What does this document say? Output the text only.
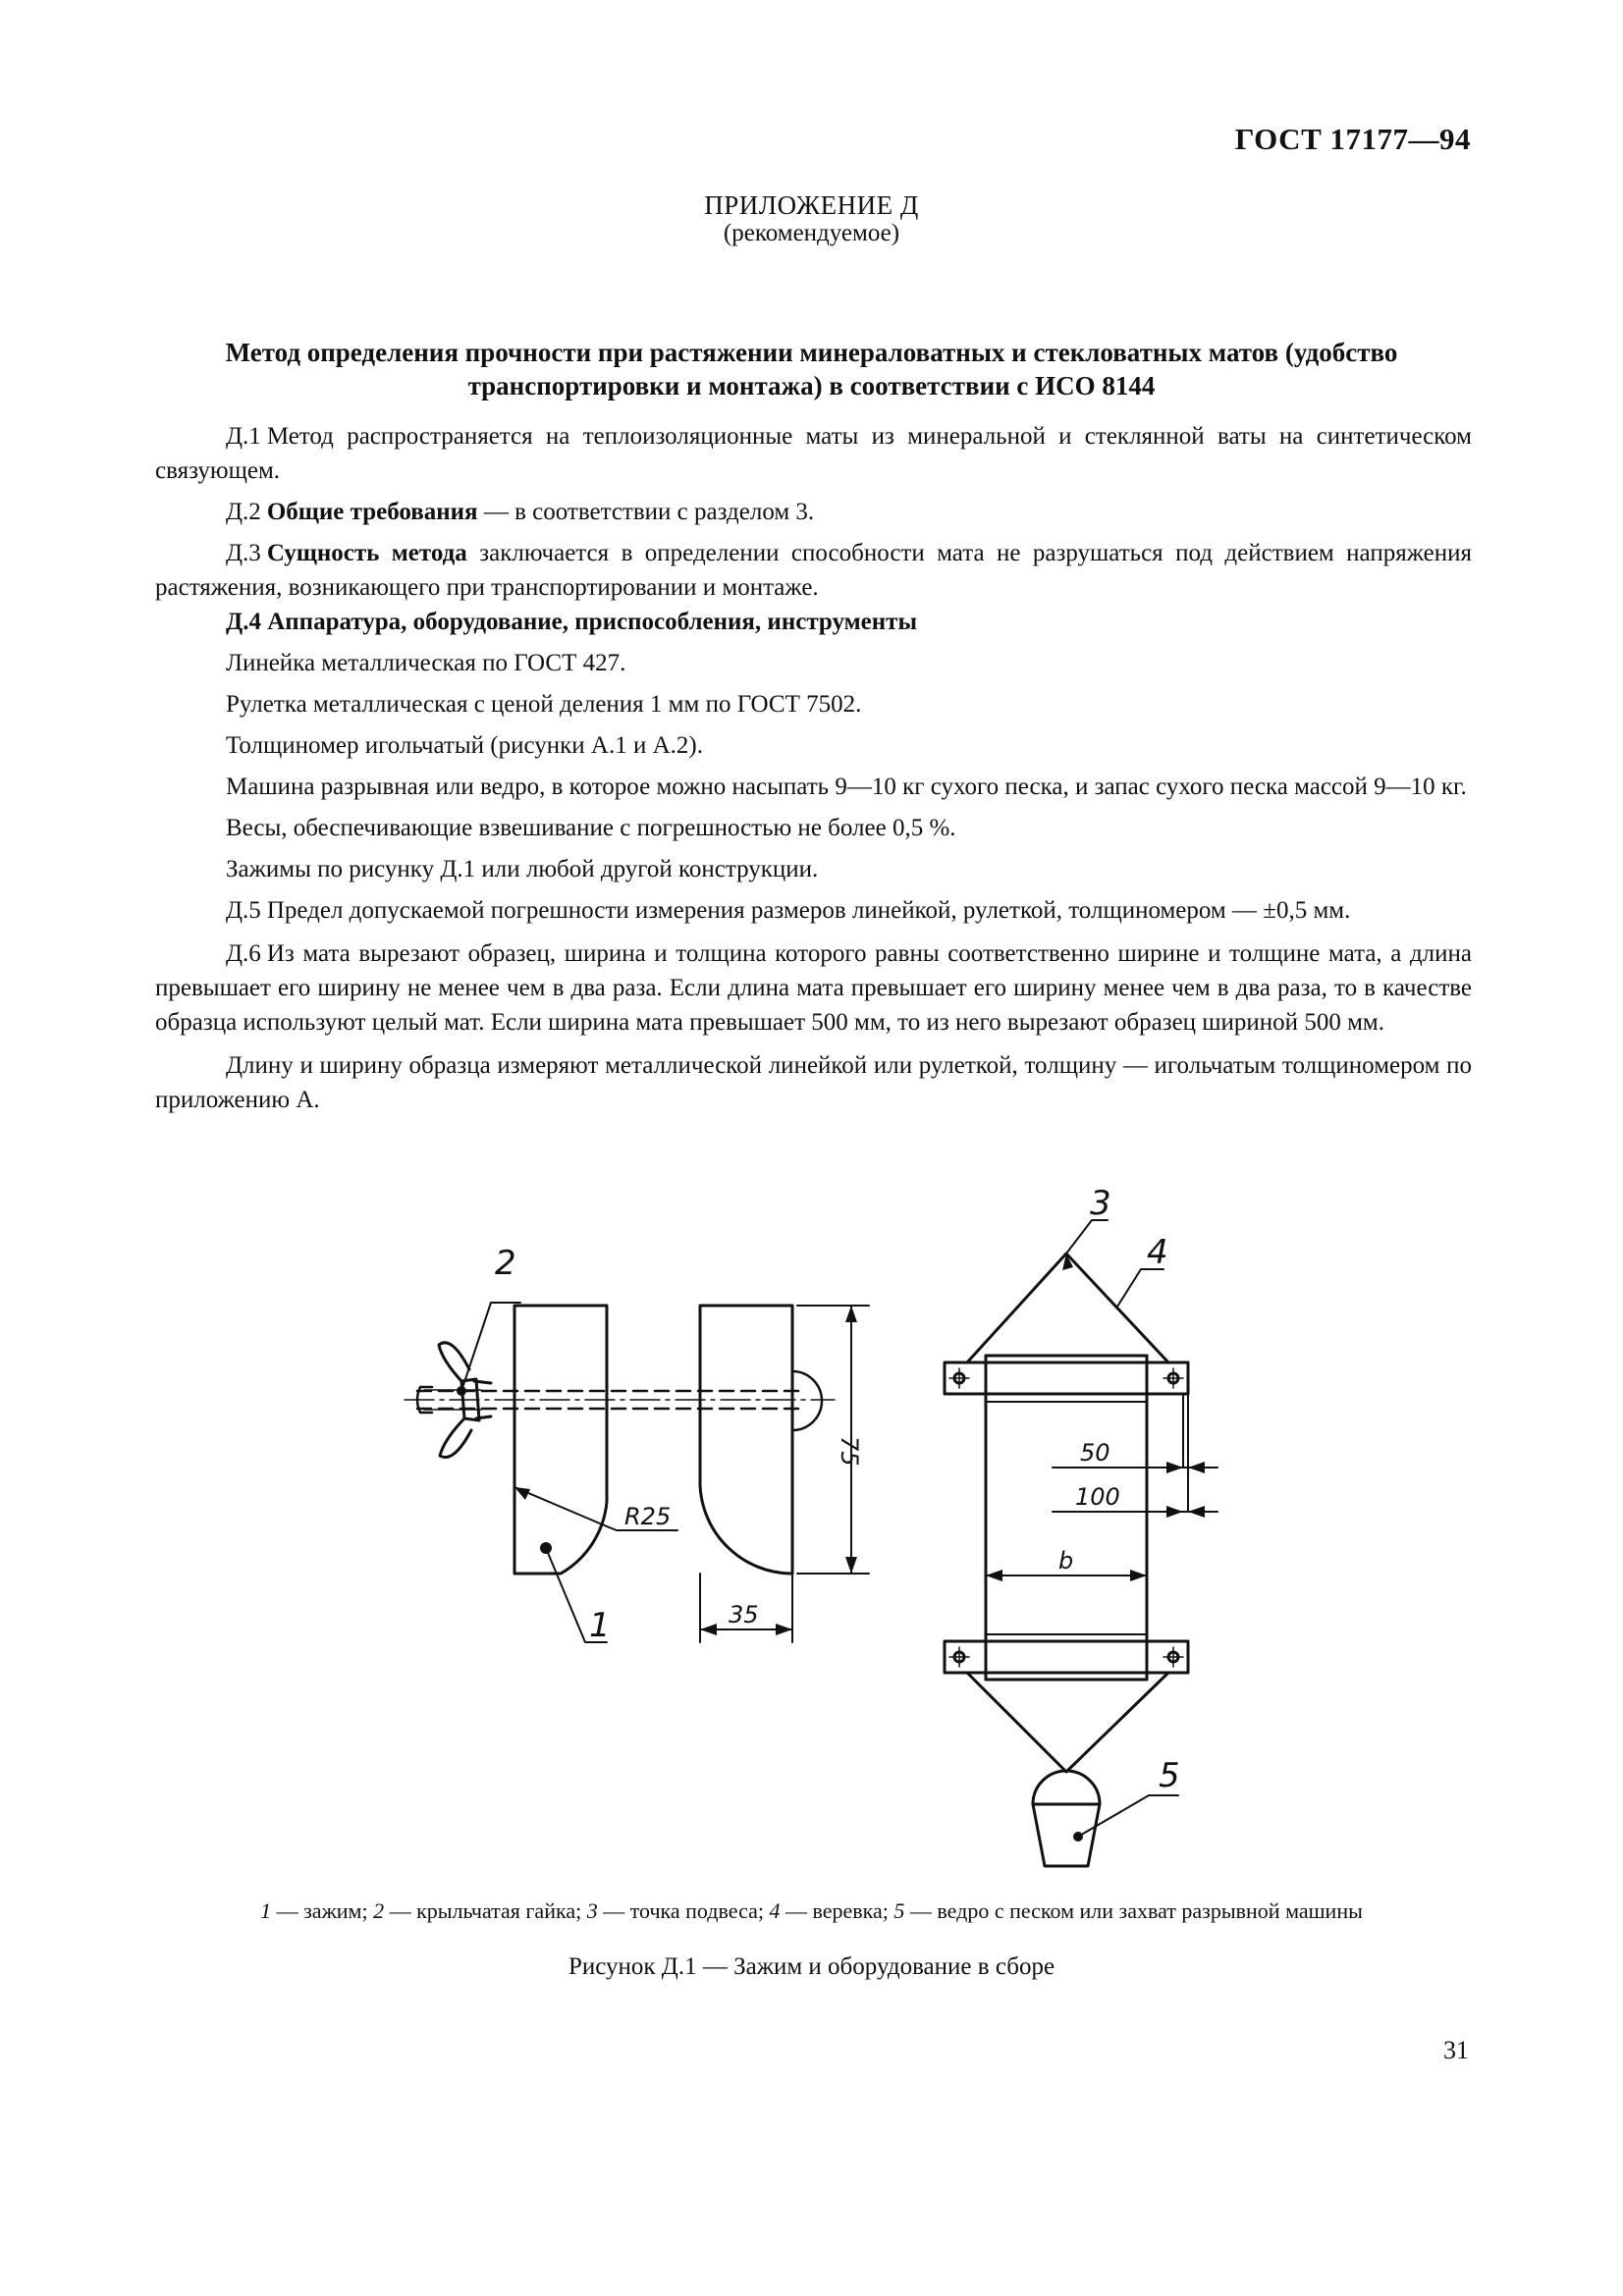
ГОСТ 17177—94
ПРИЛОЖЕНИЕ Д
(рекомендуемое)
Метод определения прочности при растяжении минераловатных и стекловатных матов (удобство транспортировки и монтажа) в соответствии с ИСО 8144

Д.1 Метод распространяется на теплоизоляционные маты из минеральной и стеклянной ваты на синтетическом связующем.

Д.2 Общие требования — в соответствии с разделом 3.

Д.3 Сущность метода заключается в определении способности мата не разрушаться под действием напряжения растяжения, возникающего при транспортировании и монтаже.

Д.4 Аппаратура, оборудование, приспособления, инструменты

Линейка металлическая по ГОСТ 427.

Рулетка металлическая с ценой деления 1 мм по ГОСТ 7502.

Толщиномер игольчатый (рисунки А.1 и А.2).

Машина разрывная или ведро, в которое можно насыпать 9—10 кг сухого песка, и запас сухого песка массой 9—10 кг.

Весы, обеспечивающие взвешивание с погрешностью не более 0,5 %.

Зажимы по рисунку Д.1 или любой другой конструкции.

Д.5 Предел допускаемой погрешности измерения размеров линейкой, рулеткой, толщиномером — ±0,5 мм.

Д.6 Из мата вырезают образец, ширина и толщина которого равны соответственно ширине и толщине мата, а длина превышает его ширину не менее чем в два раза. Если длина мата превышает его ширину менее чем в два раза, то в качестве образца используют целый мат. Если ширина мата превышает 500 мм, то из него вырезают образец шириной 500 мм.

Длину и ширину образца измеряют металлической линейкой или рулеткой, толщину — игольчатым толщиномером по приложению А.

2
1
3
4
5
R25
75
35
50
100
b
1 — зажим; 2 — крыльчатая гайка; 3 — точка подвеса; 4 — веревка; 5 — ведро с песком или захват разрывной машины
Рисунок Д.1 — Зажим и оборудование в сборе
31
